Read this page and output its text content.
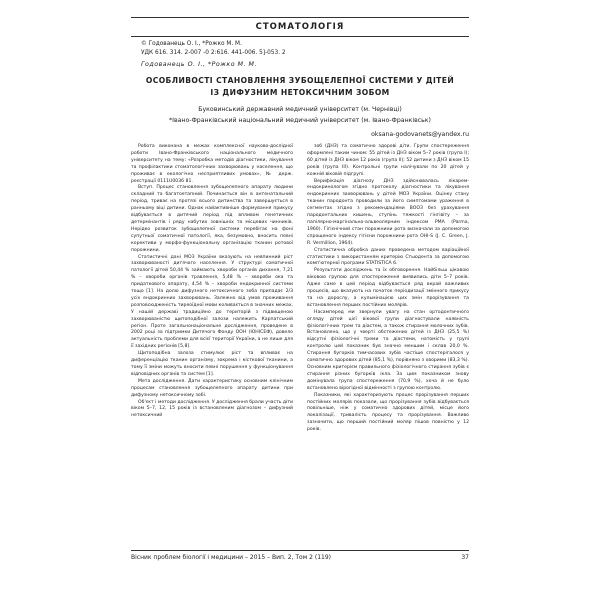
СТОМАТОЛОГІЯ
© Годованець О. І., *Рожко М. М.
УДК 616. 314. 2-007 -0 2:616. 441-006. 5]-053. 2
Годованець О. І., *Рожко М. М.
ОСОБЛИВОСТІ СТАНОВЛЕННЯ ЗУБОЩЕЛЕПНОЇ СИСТЕМИ У ДІТЕЙ
ІЗ ДИФУЗНИМ НЕТОКСИЧНИМ ЗОБОМ
Буковинський державний медичний університет (м. Чернівці)
*Івано-Франківський національний медичний університет (м. Івано-Франківськ)
oksana-godovanets@yandex.ru

Робота виконана в межах комплексної науково-дослідної роботи Івано-Франківського національного медичного університету на тему: «Розробка методів діагностики, лікування та профілактики стоматологічних захворювань у населення, що проживає в екологічно несприятливих умовах», № держ. реєстрації 0111U0036 81.

Вступ. Процес становлення зубощелепного апарату людини складний та багатоетапний. Починається він в антенатальний період, триває на протязі всього дитинства та завершується в ранньому віці дитини. Однак найактивніше формування прикусу відбувається в дитячий період під впливом генетичних детермінантів і ряду набутих зовнішніх та місцевих чинників. Нерідко розвиток зубощелепної системи перебігає на фоні супутньої соматичної патології, яка, безумовно, вносить певні корективи у морфо-функціональну організацію тканин ротової порожнини.

Статистичні дані МОЗ України вказують на невпинний ріст захворюваності дитячого населення. У структурі соматичної патології дітей 50,44 % займають хвороби органів дихання, 7,21 % – хвороби органів травлення, 5,48 % – хвороби ока та придаткового апарату, 4,54 % – хвороби ендокринної системи тощо [1]. На долю дифузного нетоксичного зоба припадає 2/3 усіх ендокринних захворювань. Залежно від умов проживання розповсюдженість тиреоїдної мови коливається в значних межах. У нашій державі традиційно до територій з підвищеною захворюваністю щитоподібної залози належить Карпатський регіон. Проте загальнонаціональне дослідження, проведене в 2002 році за підтримки Дитячого Фонду ООН (ЮНІСЕФ), довело актуальність проблеми для всієї території України, а не лише для її західних регіонів [5,8].

Щитоподібна залоза стимулює ріст та впливає на диференціацію тканин організму, зокрема і кісткової тканини, а тому її зміни можуть вносити певні порушення у функціонування відповідних органів та систем [1].

Мета дослідження. Дати характеристику основним клінічним процесам становлення зубощелепного апарату дитини при дифузному нетоксичному зобі.

Об'єкт і методи дослідження. У дослідження брали участь діти віком 5–7, 12, 15 років із встановленим діагнозом – дифузний нетоксичний

зоб (ДНЗ) та соматично здорові діти. Групи спостереження оформлені таким чином: 55 дітей із ДНЗ віком 5–7 років (група I); 60 дітей із ДНЗ віком 12 років (група II); 52 дитини з ДНЗ віком 15 років (група III). Контрольні групи налічували по 20 дітей у кожній віковій підгрупі.

Верифікація діагнозу ДНЗ здійснювалась лікарем-ендокринологом згідно протоколу діагностики та лікування ендокринних захворювань у дітей МОЗ України. Оцінку стану тканин пародонта проводили за його симптомами ураження в сегментах згідно з рекомендаціями ВООЗ без урахування пародонтальних кишень, ступінь тяжкості гінгівіту – за папілярно-маргінально-альвеолярним індексом РМА (Parma, 1960). Гігієнічний стан порожнини рота визначали за допомогою спрощеного індексу гігієни порожнини рота OHI-S (J. C. Green, J. R. Vermillion, 1964).

Статистична обробка даних проведена методом варіаційної статистики з використанням критерію Стьюдента за допомогою комп'ютерної програми STATISTICA 6.

Результати досліджень та їх обговорення. Найбільш цікавою віковою групою для спостереження виявились діти 5–7 років. Адже саме в цей період відбувається ряд вкрай важливих процесів, що вказують на початок періодизації змінного прикусу та на дорослу, а кульмінацією цих змін прорізування та встановлення перших постійних молярів.

Насамперед ми звернули увагу на стан ортодонтичного огляду дітей цієї вікової групи діагностували наявність фізіологічних трем та діастем, а також стирання молочних зубів. Встановлено, що у чверті обстежених дітей із ДНЗ (25,5 %) відсутні фізіологічні треми та діастеми, натомість у групі контролю цей показник був значно меншим і склав 20,0 %. Стирання бугорків тимчасових зубів частіше спостерігалося у соматично здорових дітей (85,1 %), порівняно з хворими (83,3 %). Основним критерієм правильного фізіологічного стирання зубів є стирання різних бугорків ікла. За цим показником знову домінувала група спостереження (70,9 %), хоча й не було встановлено вірогідної відмінності з групою контролю.

Показники, які характеризують процес прорізування перших постійних молярів показали, що прорізування зубів відбувається повільніше, ніж у соматично здорових дітей, місце його локалізації, тривалість процесу та прорізування. Важливо зазначити, що перший постійний моляр пішов повністю у 12 років.

Вісник проблем біології і медицини – 2015 – Вип. 2, Том 2 (119)	37
